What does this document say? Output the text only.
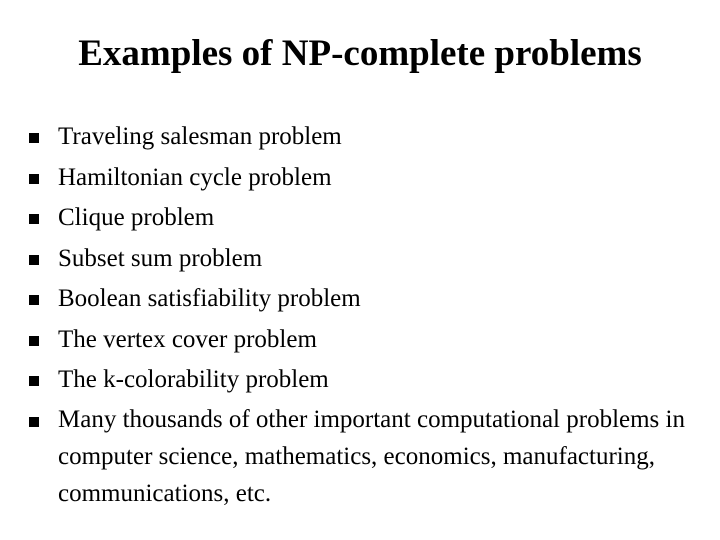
Examples of NP-complete problems
Traveling salesman problem
Hamiltonian cycle problem
Clique problem
Subset sum problem
Boolean satisfiability problem
The vertex cover problem
The k-colorability problem
Many thousands of other important computational problems in computer science, mathematics, economics, manufacturing, communications, etc.
